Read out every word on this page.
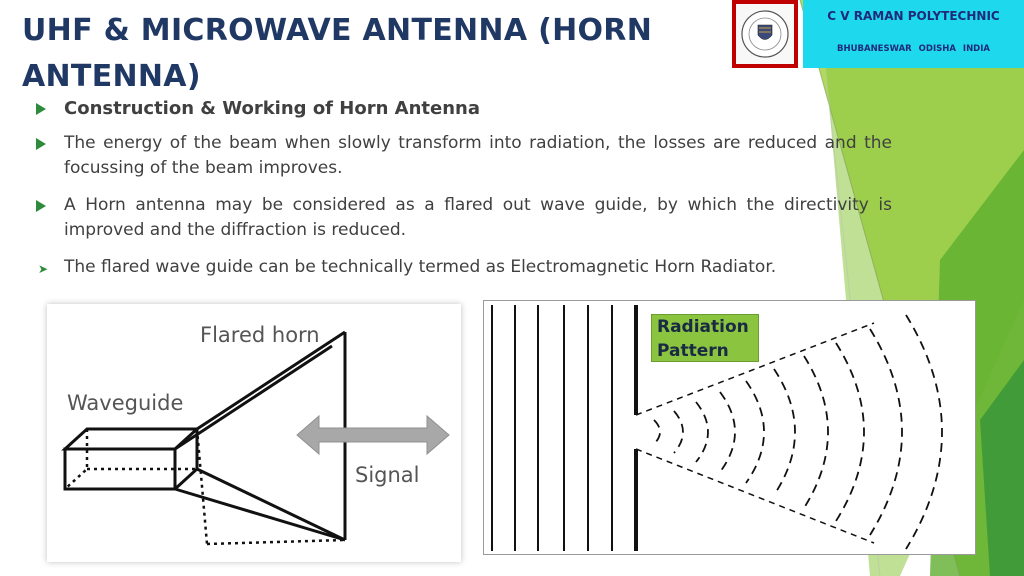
UHF & MICROWAVE ANTENNA (HORN ANTENNA)
C V RAMAN POLYTECHNIC
BHUBANESWAR ODISHA INDIA
Construction & Working of Horn Antenna
The energy of the beam when slowly transform into radiation, the losses are reduced and the focussing of the beam improves.
A Horn antenna may be considered as a flared out wave guide, by which the directivity is improved and the diffraction is reduced.
➤ The flared wave guide can be technically termed as Electromagnetic Horn Radiator.
Flared horn
Waveguide
Signal
Radiation Pattern
